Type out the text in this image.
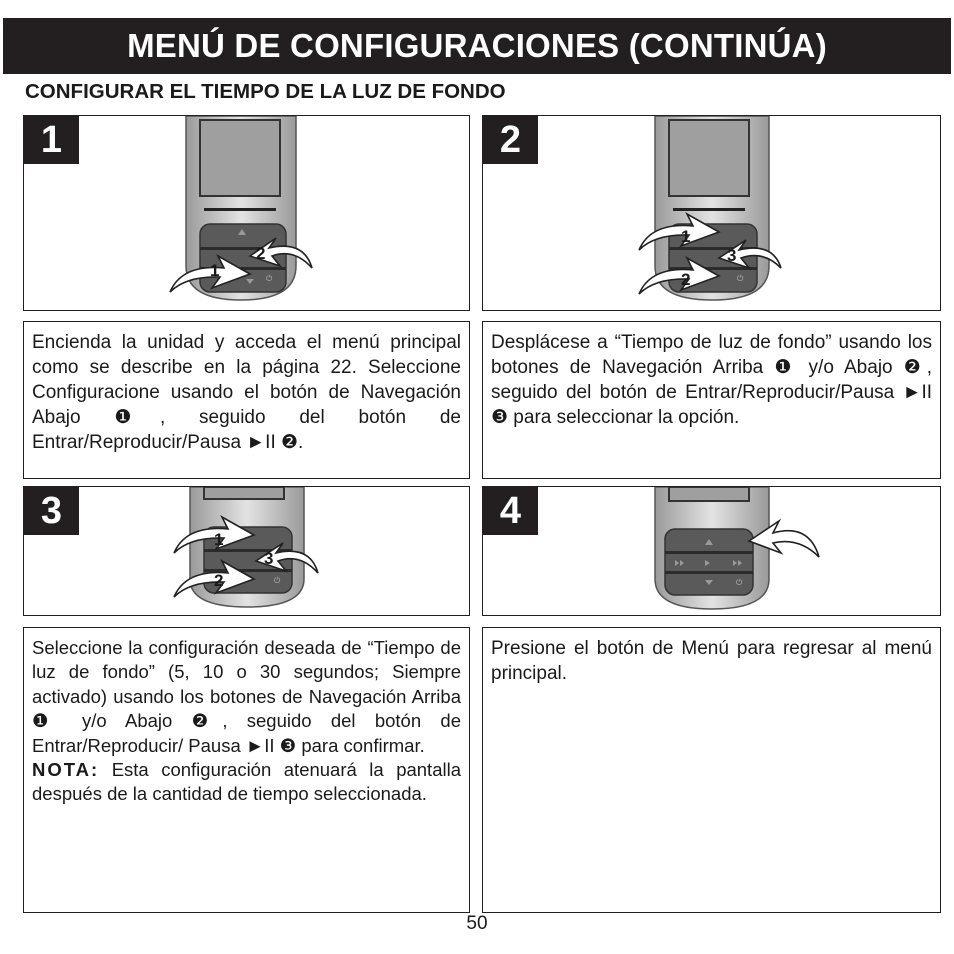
MENÚ DE CONFIGURACIONES (CONTINÚA)
CONFIGURAR EL TIEMPO DE LA LUZ DE FONDO
1
⏻
2
1
2
⏻
1
3
2

Encienda la unidad y acceda el menú principal como se describe en la página 22. Seleccione Configuracione usando el botón de Navegación Abajo ❶, seguido del botón de Entrar/Reproducir/Pausa ►II ❷.

Desplácese a “Tiempo de luz de fondo” usando los botones de Navegación Arriba ❶ y/o Abajo ❷, seguido del botón de Entrar/Reproducir/Pausa ►II ❸ para seleccionar la opción.

3
⏻
1
3
2
4
⏻

Seleccione la configuración deseada de “Tiempo de luz de fondo” (5, 10 o 30 segundos; Siempre activado) usando los botones de Navegación Arriba ❶ y/o Abajo ❷, seguido del botón de Entrar/Reproducir/ Pausa ►II ❸ para confirmar.

NOTA: Esta configuración atenuará la pantalla después de la cantidad de tiempo seleccionada.

Presione el botón de Menú para regresar al menú principal.

50
